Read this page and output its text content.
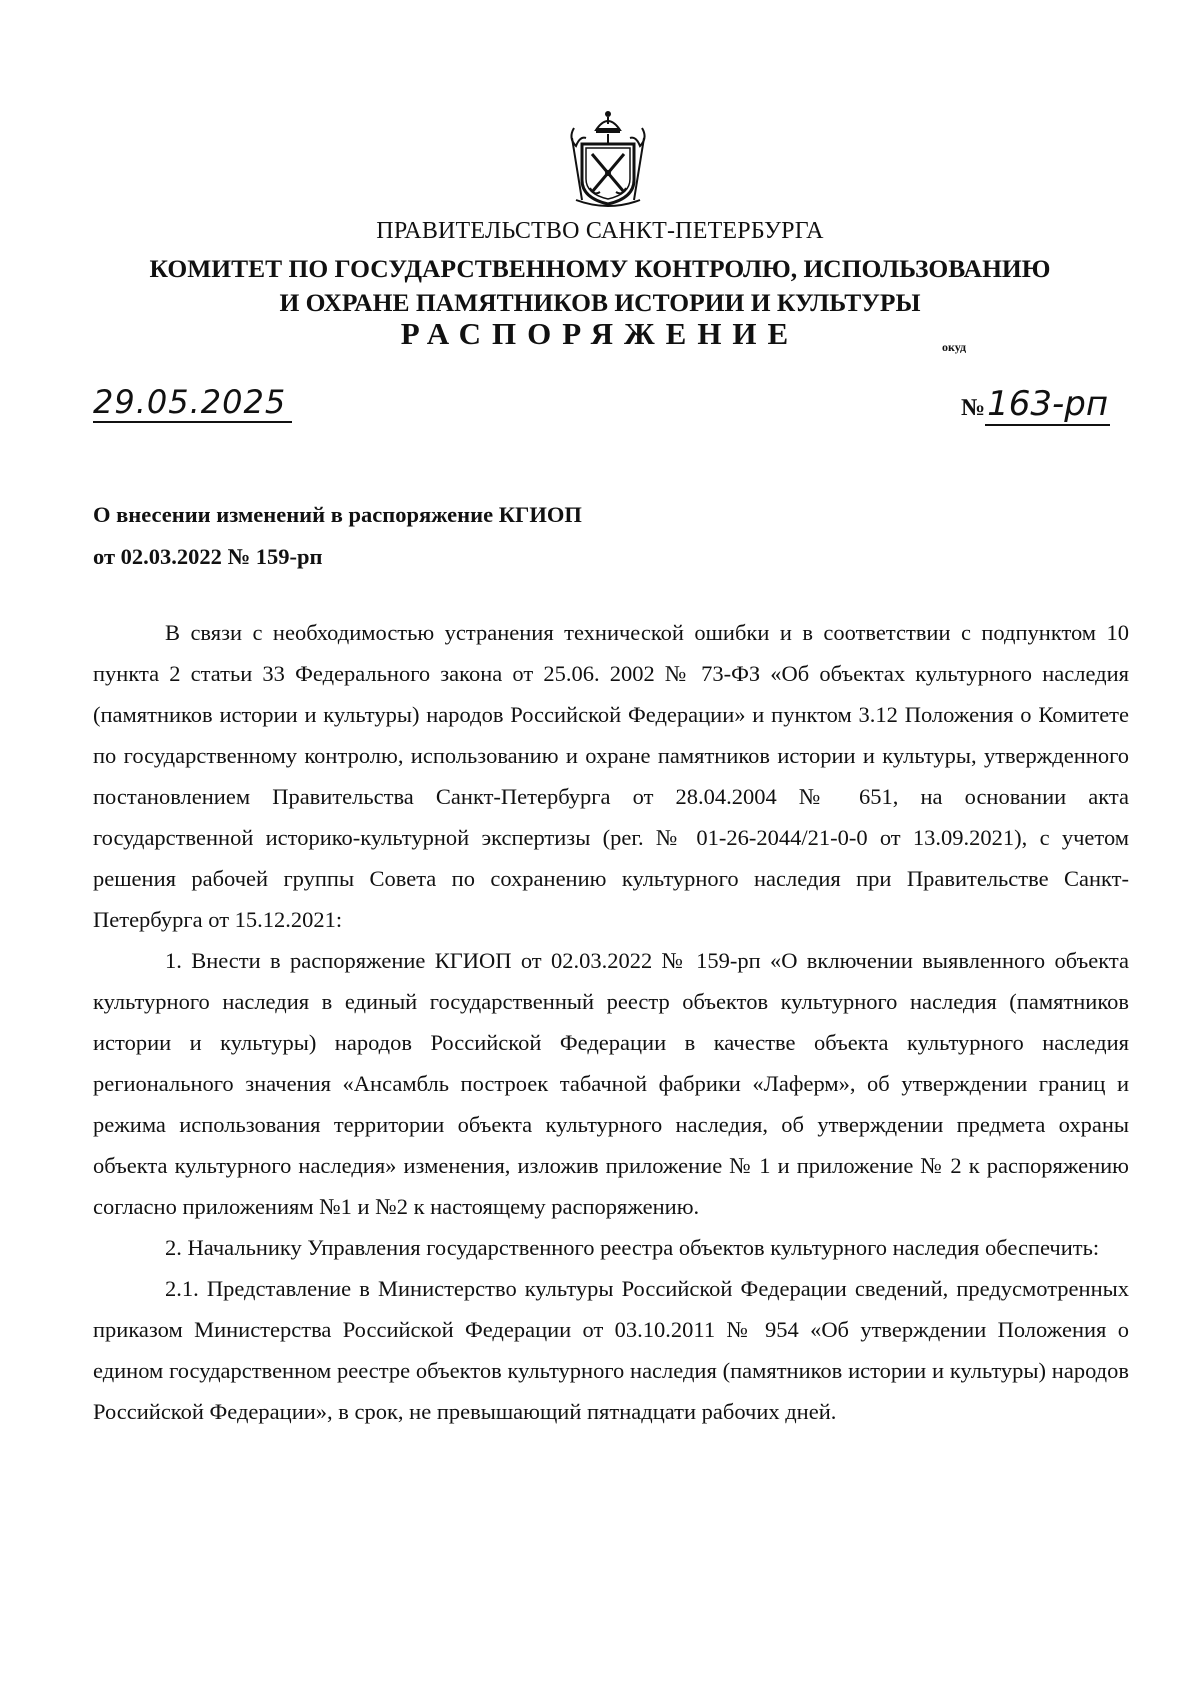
ПРАВИТЕЛЬСТВО САНКТ-ПЕТЕРБУРГА
КОМИТЕТ ПО ГОСУДАРСТВЕННОМУ КОНТРОЛЮ, ИСПОЛЬЗОВАНИЮ
И ОХРАНЕ ПАМЯТНИКОВ ИСТОРИИ И КУЛЬТУРЫ
РАСПОРЯЖЕНИЕ	окуд
29.05.2025	№163-рп
О внесении изменений в распоряжение КГИОП
от 02.03.2022 № 159-рп

В связи с необходимостью устранения технической ошибки и в соответствии с подпунктом 10 пункта 2 статьи 33 Федерального закона от 25.06. 2002 № 73-ФЗ «Об объектах культурного наследия (памятников истории и культуры) народов Российской Федерации» и пунктом 3.12 Положения о Комитете по государственному контролю, использованию и охране памятников истории и культуры, утвержденного постановлением Правительства Санкт-Петербурга от 28.04.2004 № 651, на основании акта государственной историко-культурной экспертизы (рег. № 01-26-2044/21-0-0 от 13.09.2021), с учетом решения рабочей группы Совета по сохранению культурного наследия при Правительстве Санкт-Петербурга от 15.12.2021:

1. Внести в распоряжение КГИОП от 02.03.2022 № 159-рп «О включении выявленного объекта культурного наследия в единый государственный реестр объектов культурного наследия (памятников истории и культуры) народов Российской Федерации в качестве объекта культурного наследия регионального значения «Ансамбль построек табачной фабрики «Лаферм», об утверждении границ и режима использования территории объекта культурного наследия, об утверждении предмета охраны объекта культурного наследия» изменения, изложив приложение № 1 и приложение № 2 к распоряжению согласно приложениям №1 и №2 к настоящему распоряжению.

2. Начальнику Управления государственного реестра объектов культурного наследия обеспечить:

2.1. Представление в Министерство культуры Российской Федерации сведений, предусмотренных приказом Министерства Российской Федерации от 03.10.2011 № 954 «Об утверждении Положения о едином государственном реестре объектов культурного наследия (памятников истории и культуры) народов Российской Федерации», в срок, не превышающий пятнадцати рабочих дней.
